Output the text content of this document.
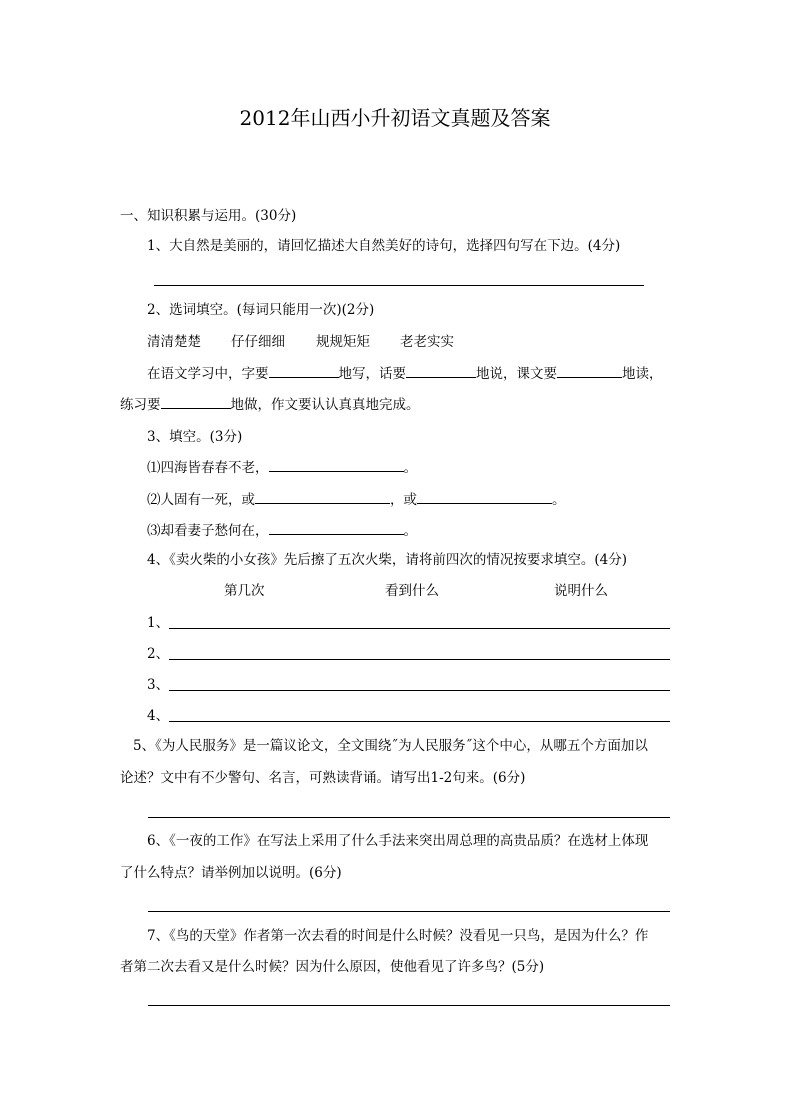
2012年山西小升初语文真题及答案
一、知识积累与运用。(30分)
1、大自然是美丽的，请回忆描述大自然美好的诗句，选择四句写在下边。(4分)
2、选词填空。(每词只能用一次)(2分)
清清楚楚 仔仔细细 规规矩矩 老老实实
在语文学习中，字要	地写，话要	地说，课文要	地读，
练习要	地做，作文要认认真真地完成。
3、填空。(3分)
⑴四海皆春春不老，	。
⑵人固有一死，或	，或	。
⑶却看妻子愁何在，	。
4、《卖火柴的小女孩》先后擦了五次火柴，请将前四次的情况按要求填空。(4分)
第几次	看到什么	说明什么
1、
2、
3、
4、
5、《为人民服务》是一篇议论文，全文围绕˝为人民服务˝这个中心，从哪五个方面加以
论述？文中有不少警句、名言，可熟读背诵。请写出1-2句来。(6分)
6、《一夜的工作》在写法上采用了什么手法来突出周总理的高贵品质？在选材上体现
了什么特点？请举例加以说明。(6分)
7、《鸟的天堂》作者第一次去看的时间是什么时候？没看见一只鸟，是因为什么？作
者第二次去看又是什么时候？因为什么原因，使他看见了许多鸟？(5分)
